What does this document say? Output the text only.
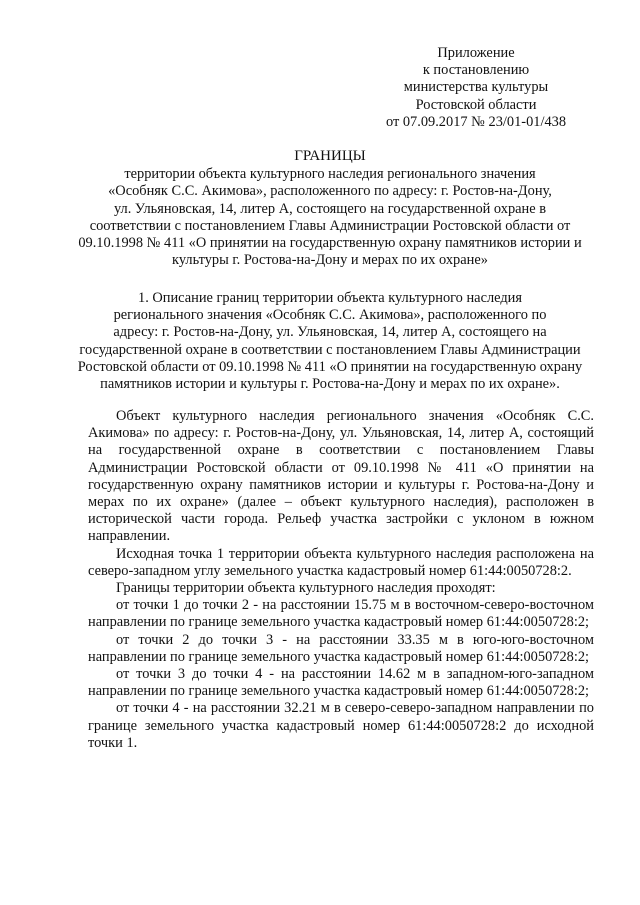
Приложение
к постановлению
министерства культуры
Ростовской области
от 07.09.2017 № 23/01-01/438
ГРАНИЦЫ
территории объекта культурного наследия регионального значения
«Особняк С.С. Акимова», расположенного по адресу: г. Ростов-на-Дону,
ул. Ульяновская, 14, литер А, состоящего на государственной охране в
соответствии с постановлением Главы Администрации Ростовской области от
09.10.1998 № 411 «О принятии на государственную охрану памятников истории и
культуры г. Ростова-на-Дону и мерах по их охране»
1. Описание границ территории объекта культурного наследия
регионального значения «Особняк С.С. Акимова», расположенного по
адресу: г. Ростов-на-Дону, ул. Ульяновская, 14, литер А, состоящего на
государственной охране в соответствии с постановлением Главы Администрации
Ростовской области от 09.10.1998 № 411 «О принятии на государственную охрану
памятников истории и культуры г. Ростова-на-Дону и мерах по их охране».

Объект культурного наследия регионального значения «Особняк С.С. Акимова» по адресу: г. Ростов-на-Дону, ул. Ульяновская, 14, литер А, состоящий на государственной охране в соответствии с постановлением Главы Администрации Ростовской области от 09.10.1998 № 411 «О принятии на государственную охрану памятников истории и культуры г. Ростова-на-Дону и мерах по их охране» (далее – объект культурного наследия), расположен в исторической части города. Рельеф участка застройки с уклоном в южном направлении.

Исходная точка 1 территории объекта культурного наследия расположена на северо-западном углу земельного участка кадастровый номер 61:44:0050728:2.

Границы территории объекта культурного наследия проходят:

от точки 1 до точки 2 - на расстоянии 15.75 м в восточном-северо-восточном направлении по границе земельного участка кадастровый номер 61:44:0050728:2;

от точки 2 до точки 3 - на расстоянии 33.35 м в юго-юго-восточном направлении по границе земельного участка кадастровый номер 61:44:0050728:2;

от точки 3 до точки 4 - на расстоянии 14.62 м в западном-юго-западном направлении по границе земельного участка кадастровый номер 61:44:0050728:2;

от точки 4 - на расстоянии 32.21 м в северо-северо-западном направлении по границе земельного участка кадастровый номер 61:44:0050728:2 до исходной точки 1.
